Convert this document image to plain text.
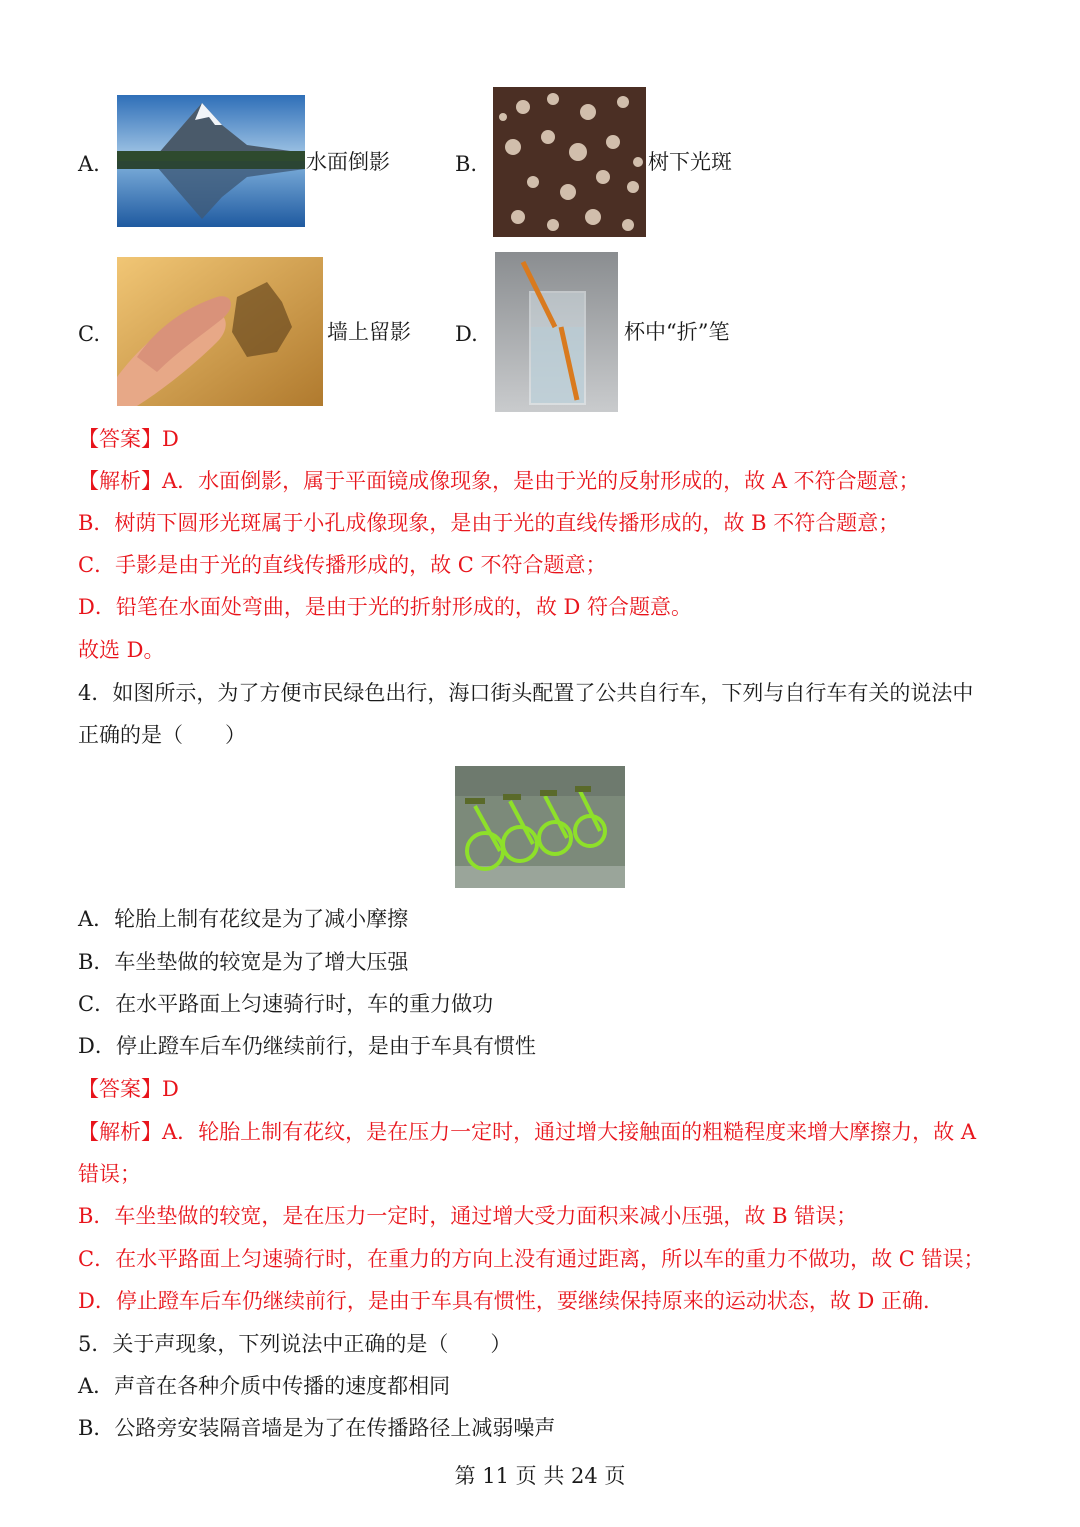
A.	水面倒影	B.	树下光斑
C.	墙上留影 D.	杯中“折”笔
【答案】D
【解析】A．水面倒影，属于平面镜成像现象，是由于光的反射形成的，故 A 不符合题意；
B．树荫下圆形光斑属于小孔成像现象，是由于光的直线传播形成的，故 B 不符合题意；
C．手影是由于光的直线传播形成的，故 C 不符合题意；
D．铅笔在水面处弯曲，是由于光的折射形成的，故 D 符合题意。
故选 D。
4．如图所示，为了方便市民绿色出行，海口街头配置了公共自行车，下列与自行车有关的说法中
正确的是（　　）
A．轮胎上制有花纹是为了减小摩擦
B．车坐垫做的较宽是为了增大压强
C．在水平路面上匀速骑行时，车的重力做功
D．停止蹬车后车仍继续前行，是由于车具有惯性
【答案】D
【解析】A．轮胎上制有花纹，是在压力一定时，通过增大接触面的粗糙程度来增大摩擦力，故 A
错误；
B．车坐垫做的较宽，是在压力一定时，通过增大受力面积来减小压强，故 B 错误；
C．在水平路面上匀速骑行时，在重力的方向上没有通过距离，所以车的重力不做功，故 C 错误；
D．停止蹬车后车仍继续前行，是由于车具有惯性，要继续保持原来的运动状态，故 D 正确．
5．关于声现象，下列说法中正确的是（　　）
A．声音在各种介质中传播的速度都相同
B．公路旁安装隔音墙是为了在传播路径上减弱噪声
第 11 页 共 24 页
